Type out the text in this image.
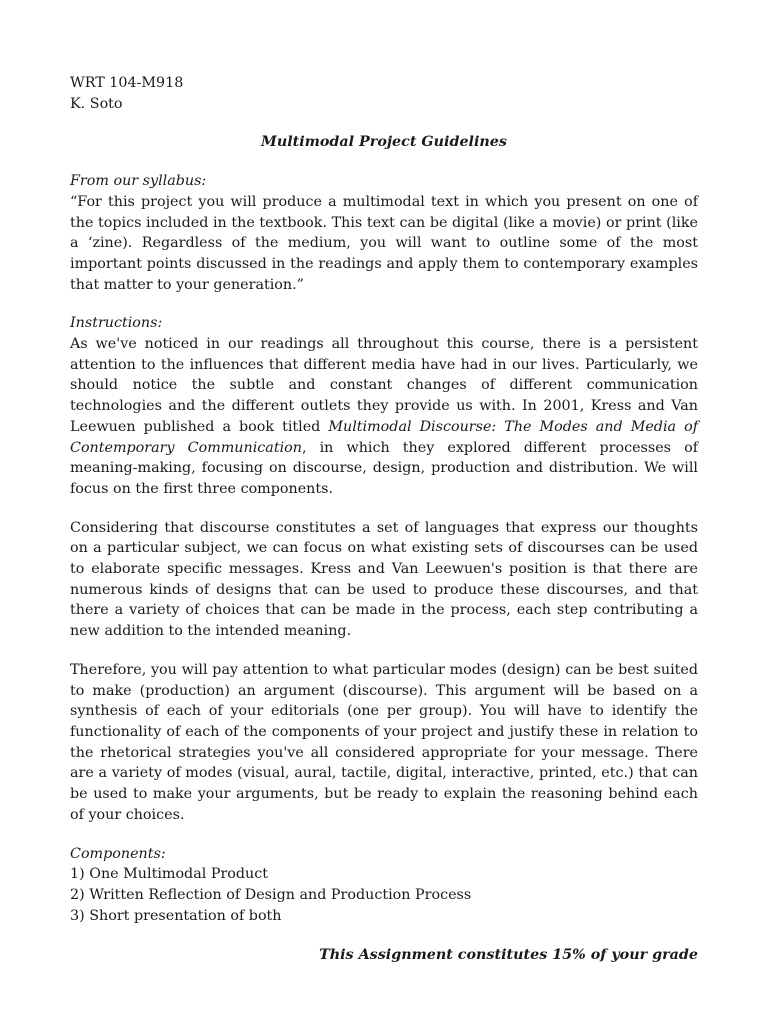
WRT 104-M918
K. Soto
Multimodal Project Guidelines
From our syllabus:

“For this project you will produce a multimodal text in which you present on one of the topics included in the textbook. This text can be digital (like a movie) or print (like a ‘zine). Regardless of the medium, you will want to outline some of the most important points discussed in the readings and apply them to contemporary examples that matter to your generation.”

Instructions:

As we've noticed in our readings all throughout this course, there is a persistent attention to the influences that different media have had in our lives. Particularly, we should notice the subtle and constant changes of different communication technologies and the different outlets they provide us with. In 2001, Kress and Van Leewuen published a book titled Multimodal Discourse: The Modes and Media of Contemporary Communication, in which they explored different processes of meaning-making, focusing on discourse, design, production and distribution. We will focus on the first three components.

Considering that discourse constitutes a set of languages that express our thoughts on a particular subject, we can focus on what existing sets of discourses can be used to elaborate specific messages. Kress and Van Leewuen's position is that there are numerous kinds of designs that can be used to produce these discourses, and that there a variety of choices that can be made in the process, each step contributing a new addition to the intended meaning.

Therefore, you will pay attention to what particular modes (design) can be best suited to make (production) an argument (discourse). This argument will be based on a synthesis of each of your editorials (one per group). You will have to identify the functionality of each of the components of your project and justify these in relation to the rhetorical strategies you've all considered appropriate for your message. There are a variety of modes (visual, aural, tactile, digital, interactive, printed, etc.) that can be used to make your arguments, but be ready to explain the reasoning behind each of your choices.

Components:
1) One Multimodal Product
2) Written Reflection of Design and Production Process
3) Short presentation of both
This Assignment constitutes 15% of your grade
